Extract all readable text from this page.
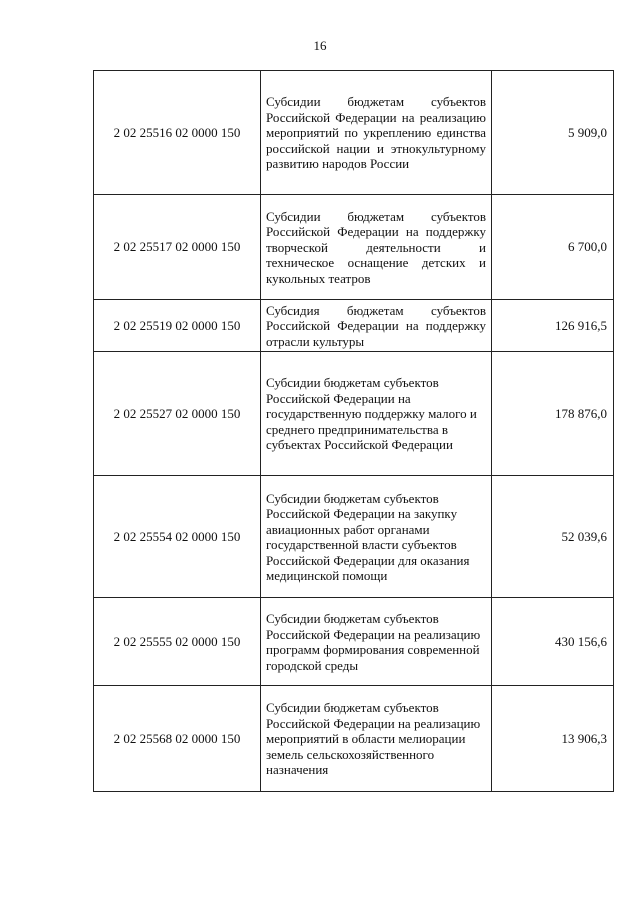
16
2 02 25516 02 0000 150	Субсидии бюджетам субъектов Российской Федерации на реализацию мероприятий по укреплению единства российской нации и этнокультурному развитию народов России	5 909,0
2 02 25517 02 0000 150	Субсидии бюджетам субъектов Российской Федерации на поддержку творческой деятельности и техническое оснащение детских и кукольных театров	6 700,0
2 02 25519 02 0000 150	Субсидия бюджетам субъектов Российской Федерации на поддержку отрасли культуры	126 916,5
2 02 25527 02 0000 150	Субсидии бюджетам субъектов Российской Федерации на государственную поддержку малого и среднего предпринимательства в субъектах Российской Федерации	178 876,0
2 02 25554 02 0000 150	Субсидии бюджетам субъектов Российской Федерации на закупку авиационных работ органами государственной власти субъектов Российской Федерации для оказания медицинской помощи	52 039,6
2 02 25555 02 0000 150	Субсидии бюджетам субъектов Российской Федерации на реализацию программ формирования современной городской среды	430 156,6
2 02 25568 02 0000 150	Субсидии бюджетам субъектов Российской Федерации на реализацию мероприятий в области мелиорации земель сельскохозяйственного назначения	13 906,3
